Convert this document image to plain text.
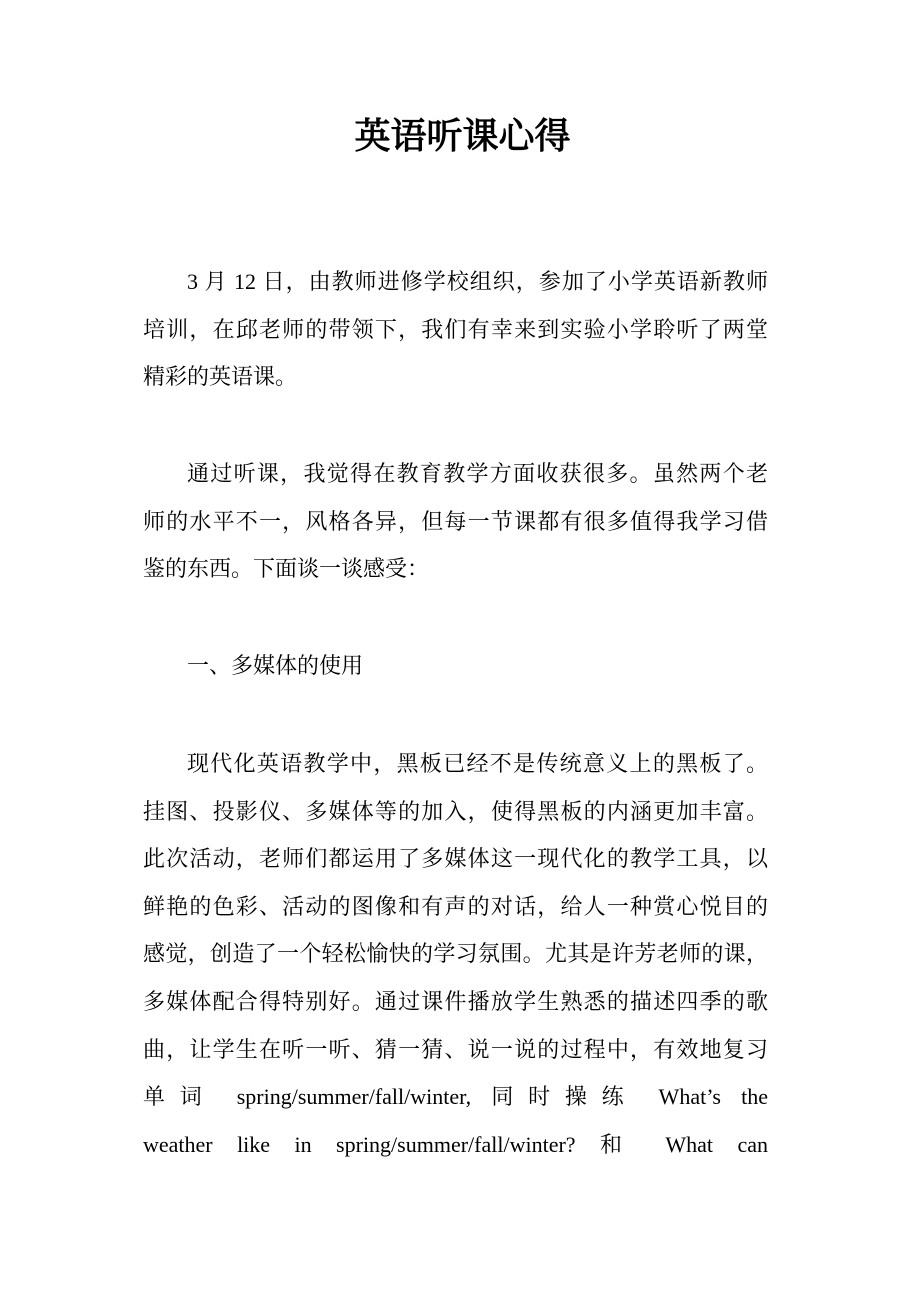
英语听课心得
3 月 12 日，由教师进修学校组织，参加了小学英语新教师
培训，在邱老师的带领下，我们有幸来到实验小学聆听了两堂
精彩的英语课。
通过听课，我觉得在教育教学方面收获很多。虽然两个老
师的水平不一，风格各异，但每一节课都有很多值得我学习借
鉴的东西。下面谈一谈感受：
一、多媒体的使用
现代化英语教学中，黑板已经不是传统意义上的黑板了。
挂图、投影仪、多媒体等的加入，使得黑板的内涵更加丰富。
此次活动，老师们都运用了多媒体这一现代化的教学工具，以
鲜艳的色彩、活动的图像和有声的对话，给人一种赏心悦目的
感觉，创造了一个轻松愉快的学习氛围。尤其是许芳老师的课，
多媒体配合得特别好。通过课件播放学生熟悉的描述四季的歌
曲，让学生在听一听、猜一猜、说一说的过程中，有效地复习
单词 spring/summer/fall/winter, 同时操练 What’s the
weather like in spring/summer/fall/winter? 和 What can
